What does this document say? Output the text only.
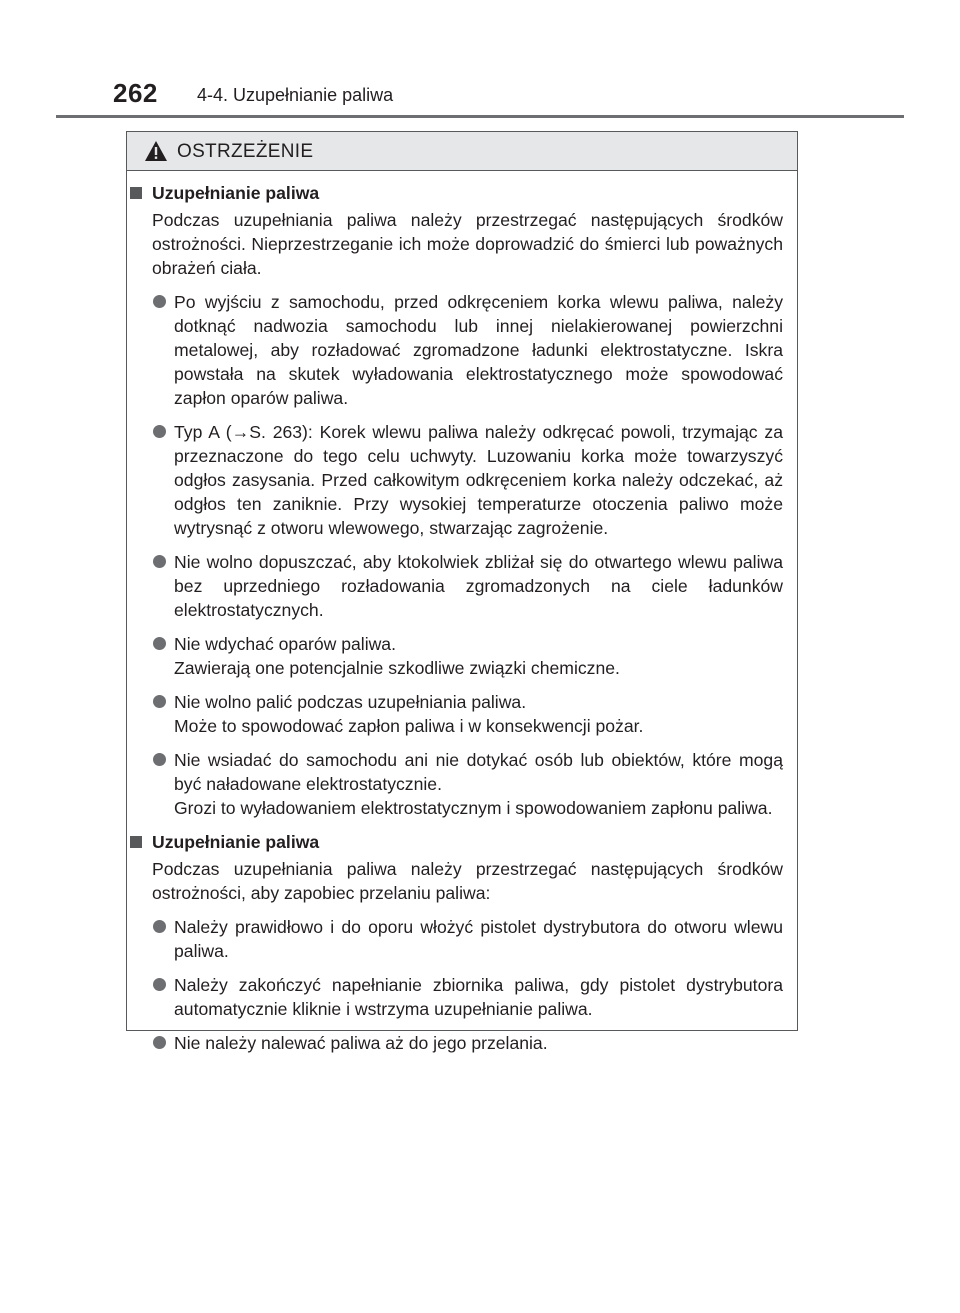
262 4-4. Uzupełnianie paliwa
OSTRZEŻENIE
Uzupełnianie paliwa
Podczas uzupełniania paliwa należy przestrzegać następujących środków ostrożności. Nieprzestrzeganie ich może doprowadzić do śmierci lub poważnych obrażeń ciała.
Po wyjściu z samochodu, przed odkręceniem korka wlewu paliwa, należy dotknąć nadwozia samochodu lub innej nielakierowanej powierzchni metalowej, aby rozładować zgromadzone ładunki elektrostatyczne. Iskra powstała na skutek wyładowania elektrostatycznego może spowodować zapłon oparów paliwa.
Typ A (→S. 263): Korek wlewu paliwa należy odkręcać powoli, trzymając za przeznaczone do tego celu uchwyty. Luzowaniu korka może towarzyszyć odgłos zasysania. Przed całkowitym odkręceniem korka należy odczekać, aż odgłos ten zaniknie. Przy wysokiej temperaturze otoczenia paliwo może wytrysnąć z otworu wlewowego, stwarzając zagrożenie.
Nie wolno dopuszczać, aby ktokolwiek zbliżał się do otwartego wlewu paliwa bez uprzedniego rozładowania zgromadzonych na ciele ładunków elektrostatycznych.
Nie wdychać oparów paliwa.
Zawierają one potencjalnie szkodliwe związki chemiczne.
Nie wolno palić podczas uzupełniania paliwa.
Może to spowodować zapłon paliwa i w konsekwencji pożar.
Nie wsiadać do samochodu ani nie dotykać osób lub obiektów, które mogą być naładowane elektrostatycznie.
Grozi to wyładowaniem elektrostatycznym i spowodowaniem zapłonu paliwa.
Uzupełnianie paliwa
Podczas uzupełniania paliwa należy przestrzegać następujących środków ostrożności, aby zapobiec przelaniu paliwa:
Należy prawidłowo i do oporu włożyć pistolet dystrybutora do otworu wlewu paliwa.
Należy zakończyć napełnianie zbiornika paliwa, gdy pistolet dystrybutora automatycznie kliknie i wstrzyma uzupełnianie paliwa.
Nie należy nalewać paliwa aż do jego przelania.
